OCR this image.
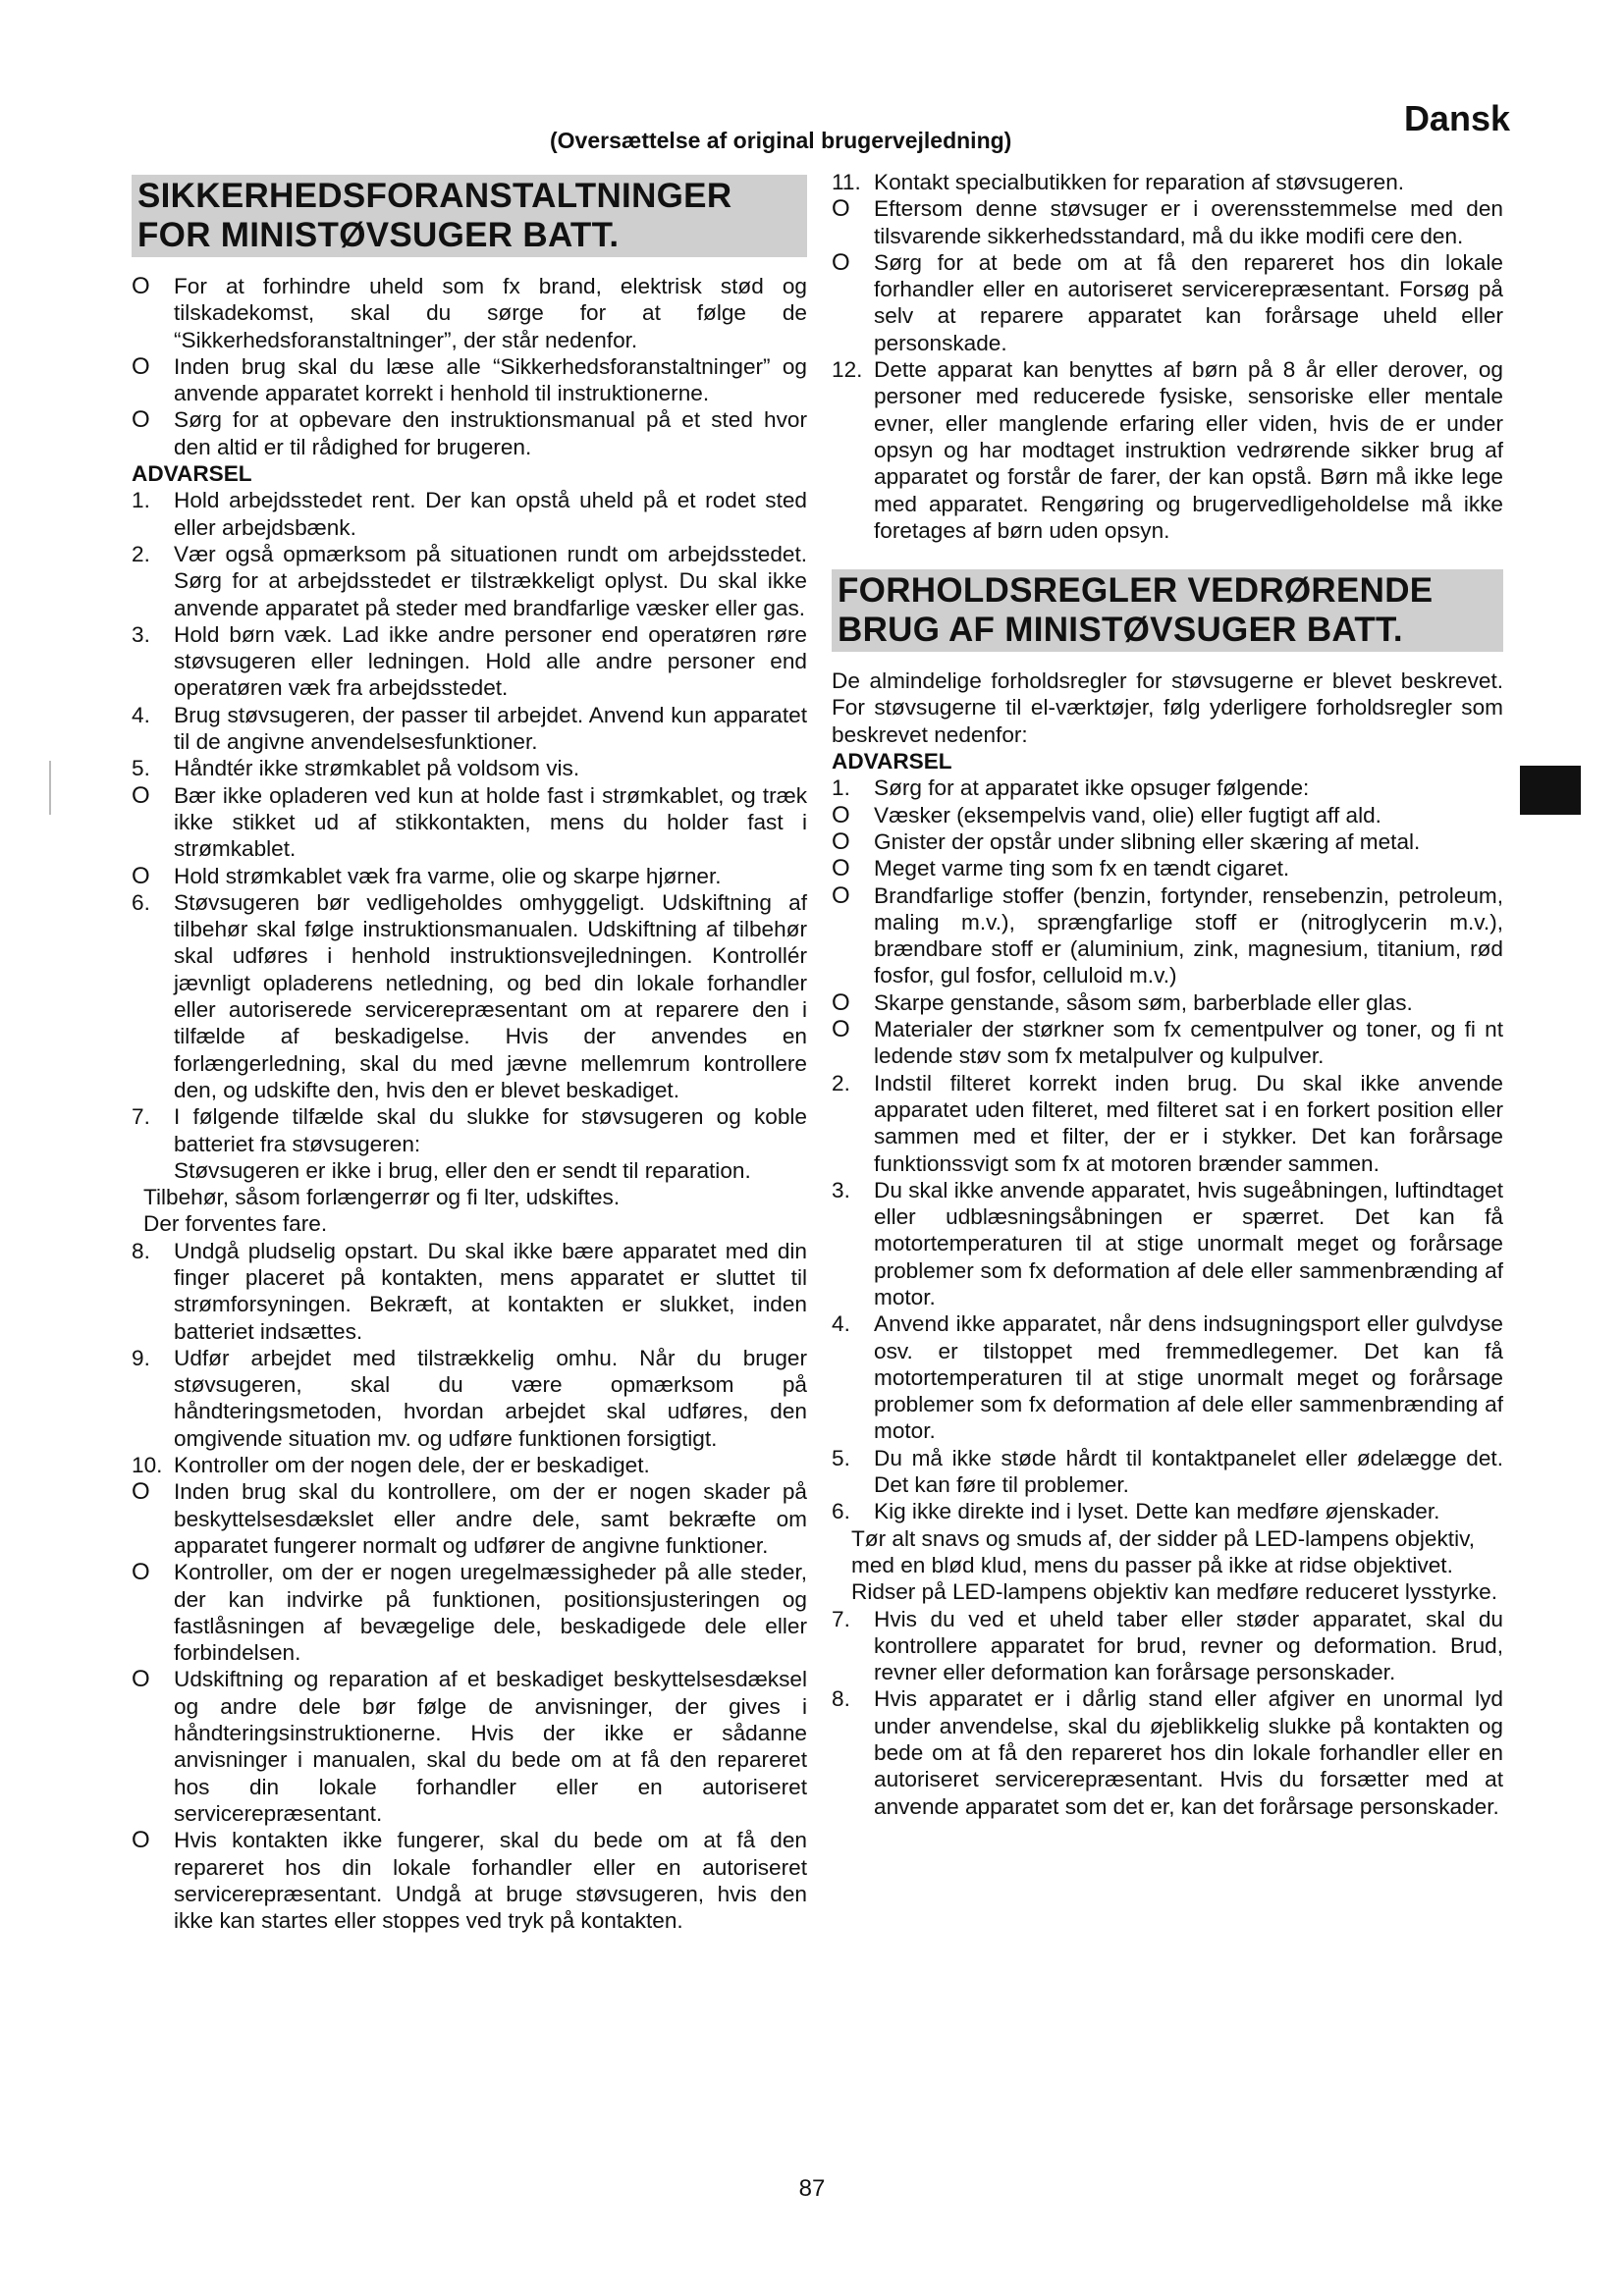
Dansk
(Oversættelse af original brugervejledning)
SIKKERHEDSFORANSTALTNINGER FOR MINISTØVSUGER BATT.
O For at forhindre uheld som fx brand, elektrisk stød og tilskadekomst, skal du sørge for at følge de “Sikkerhedsforanstaltninger”, der står nedenfor.
O Inden brug skal du læse alle “Sikkerhedsforanstaltninger” og anvende apparatet korrekt i henhold til instruktionerne.
O Sørg for at opbevare den instruktionsmanual på et sted hvor den altid er til rådighed for brugeren.
ADVARSEL
1. Hold arbejdsstedet rent. Der kan opstå uheld på et rodet sted eller arbejdsbænk.
2. Vær også opmærksom på situationen rundt om arbejdsstedet. Sørg for at arbejdsstedet er tilstrækkeligt oplyst. Du skal ikke anvende apparatet på steder med brandfarlige væsker eller gas.
3. Hold børn væk. Lad ikke andre personer end operatøren røre støvsugeren eller ledningen. Hold alle andre personer end operatøren væk fra arbejdsstedet.
4. Brug støvsugeren, der passer til arbejdet. Anvend kun apparatet til de angivne anvendelsesfunktioner.
5. Håndtér ikke strømkablet på voldsom vis.
O Bær ikke opladeren ved kun at holde fast i strømkablet, og træk ikke stikket ud af stikkontakten, mens du holder fast i strømkablet.
O Hold strømkablet væk fra varme, olie og skarpe hjørner.
6. Støvsugeren bør vedligeholdes omhyggeligt. Udskiftning af tilbehør skal følge instruktionsmanualen. Udskiftning af tilbehør skal udføres i henhold instruktionsvejledningen. Kontrollér jævnligt opladerens netledning, og bed din lokale forhandler eller autoriserede servicerepræsentant om at reparere den i tilfælde af beskadigelse. Hvis der anvendes en forlængerledning, skal du med jævne mellemrum kontrollere den, og udskifte den, hvis den er blevet beskadiget.
7. I følgende tilfælde skal du slukke for støvsugeren og koble batteriet fra støvsugeren:
Støvsugeren er ikke i brug, eller den er sendt til reparation.
Tilbehør, såsom forlængerrør og fi lter, udskiftes.
Der forventes fare.
8. Undgå pludselig opstart. Du skal ikke bære apparatet med din finger placeret på kontakten, mens apparatet er sluttet til strømforsyningen. Bekræft, at kontakten er slukket, inden batteriet indsættes.
9. Udfør arbejdet med tilstrækkelig omhu. Når du bruger støvsugeren, skal du være opmærksom på håndteringsmetoden, hvordan arbejdet skal udføres, den omgivende situation mv. og udføre funktionen forsigtigt.
10. Kontroller om der nogen dele, der er beskadiget.
O Inden brug skal du kontrollere, om der er nogen skader på beskyttelsesdækslet eller andre dele, samt bekræfte om apparatet fungerer normalt og udfører de angivne funktioner.
O Kontroller, om der er nogen uregelmæssigheder på alle steder, der kan indvirke på funktionen, positionsjusteringen og fastlåsningen af bevægelige dele, beskadigede dele eller forbindelsen.
O Udskiftning og reparation af et beskadiget beskyttelsesdæksel og andre dele bør følge de anvisninger, der gives i håndteringsinstruktionerne. Hvis der ikke er sådanne anvisninger i manualen, skal du bede om at få den repareret hos din lokale forhandler eller en autoriseret servicerepræsentant.
O Hvis kontakten ikke fungerer, skal du bede om at få den repareret hos din lokale forhandler eller en autoriseret servicerepræsentant. Undgå at bruge støvsugeren, hvis den ikke kan startes eller stoppes ved tryk på kontakten.
11. Kontakt specialbutikken for reparation af støvsugeren.
O Eftersom denne støvsuger er i overensstemmelse med den tilsvarende sikkerhedsstandard, må du ikke modifi cere den.
O Sørg for at bede om at få den repareret hos din lokale forhandler eller en autoriseret servicerepræsentant. Forsøg på selv at reparere apparatet kan forårsage uheld eller personskade.
12. Dette apparat kan benyttes af børn på 8 år eller derover, og personer med reducerede fysiske, sensoriske eller mentale evner, eller manglende erfaring eller viden, hvis de er under opsyn og har modtaget instruktion vedrørende sikker brug af apparatet og forstår de farer, der kan opstå. Børn må ikke lege med apparatet. Rengøring og brugervedligeholdelse må ikke foretages af børn uden opsyn.
FORHOLDSREGLER VEDRØRENDE BRUG AF MINISTØVSUGER BATT.

De almindelige forholdsregler for støvsugerne er blevet beskrevet. For støvsugerne til el-værktøjer, følg yderligere forholdsregler som beskrevet nedenfor:

ADVARSEL
1. Sørg for at apparatet ikke opsuger følgende:
O Væsker (eksempelvis vand, olie) eller fugtigt aff ald.
O Gnister der opstår under slibning eller skæring af metal.
O Meget varme ting som fx en tændt cigaret.
O Brandfarlige stoffer (benzin, fortynder, rensebenzin, petroleum, maling m.v.), sprængfarlige stoff er (nitroglycerin m.v.), brændbare stoff er (aluminium, zink, magnesium, titanium, rød fosfor, gul fosfor, celluloid m.v.)
O Skarpe genstande, såsom søm, barberblade eller glas.
O Materialer der størkner som fx cementpulver og toner, og fi nt ledende støv som fx metalpulver og kulpulver.
2. Indstil filteret korrekt inden brug. Du skal ikke anvende apparatet uden filteret, med filteret sat i en forkert position eller sammen med et filter, der er i stykker. Det kan forårsage funktionssvigt som fx at motoren brænder sammen.
3. Du skal ikke anvende apparatet, hvis sugeåbningen, luftindtaget eller udblæsningsåbningen er spærret. Det kan få motortemperaturen til at stige unormalt meget og forårsage problemer som fx deformation af dele eller sammenbrænding af motor.
4. Anvend ikke apparatet, når dens indsugningsport eller gulvdyse osv. er tilstoppet med fremmedlegemer. Det kan få motortemperaturen til at stige unormalt meget og forårsage problemer som fx deformation af dele eller sammenbrænding af motor.
5. Du må ikke støde hårdt til kontaktpanelet eller ødelægge det. Det kan føre til problemer.
6. Kig ikke direkte ind i lyset. Dette kan medføre øjenskader.
Tør alt snavs og smuds af, der sidder på LED-lampens objektiv, med en blød klud, mens du passer på ikke at ridse objektivet.
Ridser på LED-lampens objektiv kan medføre reduceret lysstyrke.
7. Hvis du ved et uheld taber eller støder apparatet, skal du kontrollere apparatet for brud, revner og deformation. Brud, revner eller deformation kan forårsage personskader.
8. Hvis apparatet er i dårlig stand eller afgiver en unormal lyd under anvendelse, skal du øjeblikkelig slukke på kontakten og bede om at få den repareret hos din lokale forhandler eller en autoriseret servicerepræsentant. Hvis du forsætter med at anvende apparatet som det er, kan det forårsage personskader.
87
